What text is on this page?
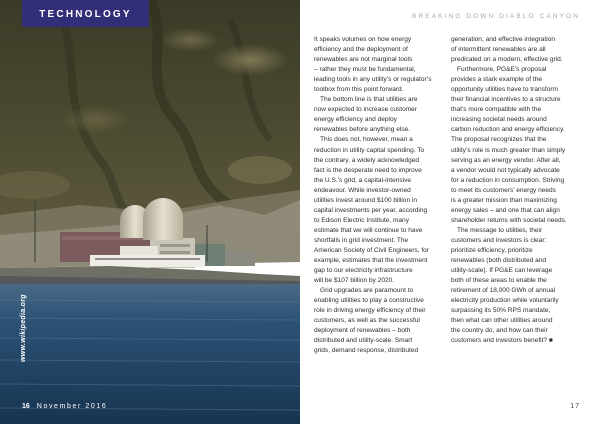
TECHNOLOGY
www.wikipedia.org
16 November 2016
BREAKING DOWN DIABLO CANYON
It speaks volumes on how energy
efficiency and the deployment of
renewables are not marginal tools
– rather they must be fundamental,
leading tools in any utility’s or regulator’s
toolbox from this point forward.
The bottom line is that utilities are
now expected to increase customer
energy efficiency and deploy
renewables before anything else.
This does not, however, mean a
reduction in utility capital spending. To
the contrary, a widely acknowledged
fact is the desperate need to improve
the U.S.’s grid, a capital-intensive
endeavour. While investor-owned
utilities invest around $100 billion in
capital investments per year, according
to Edison Electric Institute, many
estimate that we will continue to have
shortfalls in grid investment. The
American Society of Civil Engineers, for
example, estimates that the investment
gap to our electricity infrastructure
will be $107 billion by 2020.
Grid upgrades are paramount to
enabling utilities to play a constructive
role in driving energy efficiency of their
customers, as well as the successful
deployment of renewables – both
distributed and utility-scale. Smart
grids, demand response, distributed
generation, and effective integration
of intermittent renewables are all
predicated on a modern, effective grid.
Furthermore, PG&E’s proposal
provides a stark example of the
opportunity utilities have to transform
their financial incentives to a structure
that’s more compatible with the
increasing societal needs around
carbon reduction and energy efficiency.
The proposal recognizes that the
utility’s role is much greater than simply
serving as an energy vendor. After all,
a vendor would not typically advocate
for a reduction in consumption. Striving
to meet its customers’ energy needs
is a greater mission than maximizing
energy sales – and one that can align
shareholder returns with societal needs.
The message to utilities, their
customers and investors is clear:
prioritize efficiency, prioritize
renewables (both distributed and
utility-scale). If PG&E can leverage
both of these areas to enable the
retirement of 18,000 GWh of annual
electricity production while voluntarily
surpassing its 50% RPS mandate,
then what can other utilities around
the country do, and how can their
customers and investors benefit? ■
17
